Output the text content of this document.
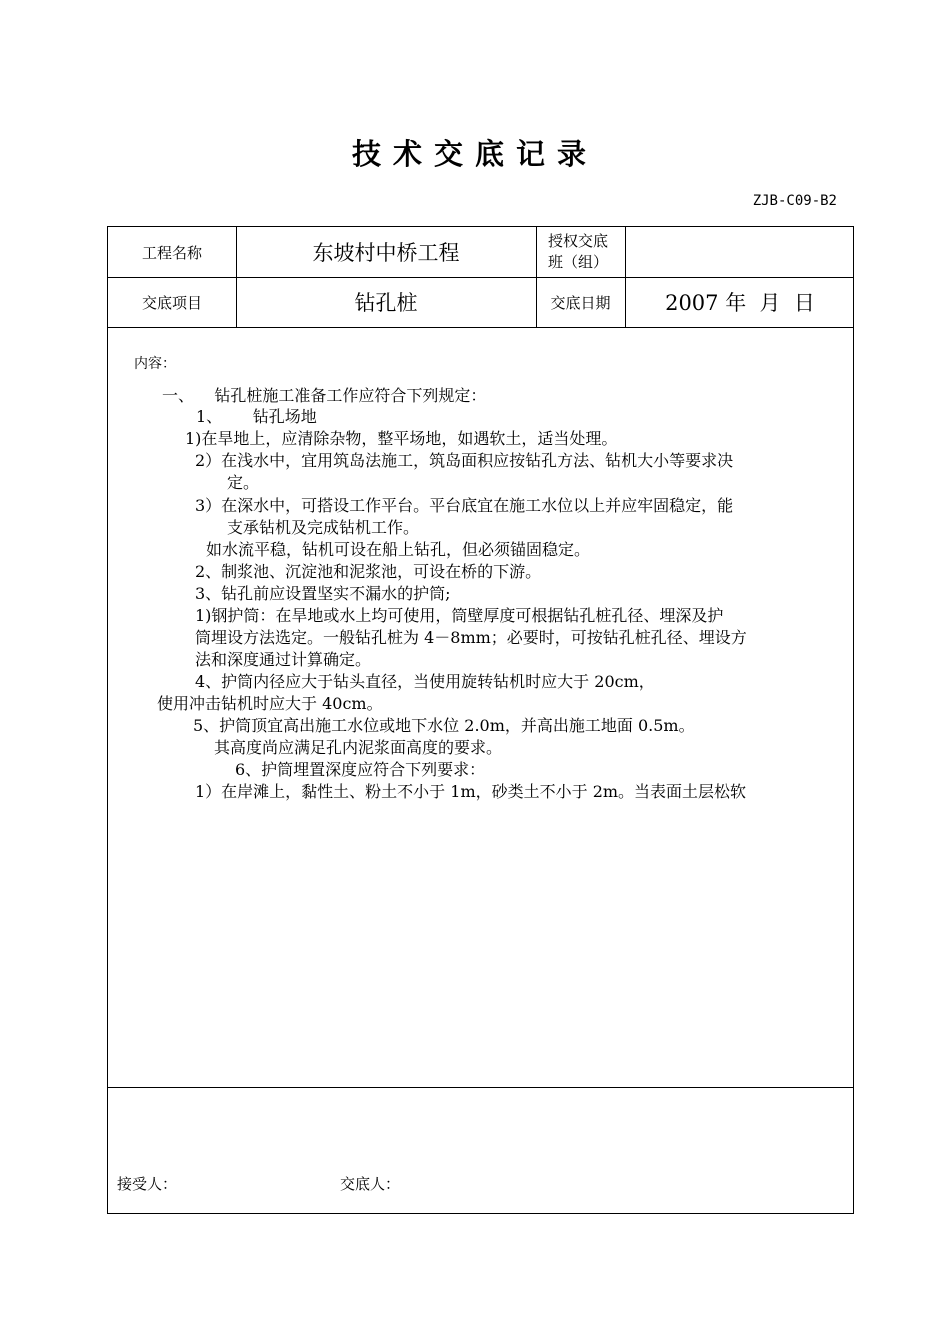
技术交底记录
ZJB-C09-B2
工程名称	东坡村中桥工程	授权交底
班（组）
交底项目	钻孔桩	交底日期	2007 年  月  日
内容：
一、    钻孔桩施工准备工作应符合下列规定：
1、      钻孔场地
1)在旱地上，应清除杂物，整平场地，如遇软土，适当处理。
2）在浅水中，宜用筑岛法施工，筑岛面积应按钻孔方法、钻机大小等要求决
定。
3）在深水中，可搭设工作平台。平台底宜在施工水位以上并应牢固稳定，能
支承钻机及完成钻机工作。
如水流平稳，钻机可设在船上钻孔，但必须锚固稳定。
2、制浆池、沉淀池和泥浆池，可设在桥的下游。
3、钻孔前应设置坚实不漏水的护筒;
1)钢护筒：在旱地或水上均可使用，筒壁厚度可根据钻孔桩孔径、埋深及护
筒埋设方法选定。一般钻孔桩为 4－8mm；必要时，可按钻孔桩孔径、埋设方
法和深度通过计算确定。
4、护筒内径应大于钻头直径，当使用旋转钻机时应大于 20cm，
使用冲击钻机时应大于 40cm。
5、护筒顶宜高出施工水位或地下水位 2.0m，并高出施工地面 0.5m。
其高度尚应满足孔内泥浆面高度的要求。
6、护筒埋置深度应符合下列要求：
1）在岸滩上，黏性土、粉土不小于 1m，砂类土不小于 2m。当表面土层松软
接受人：	交底人：
